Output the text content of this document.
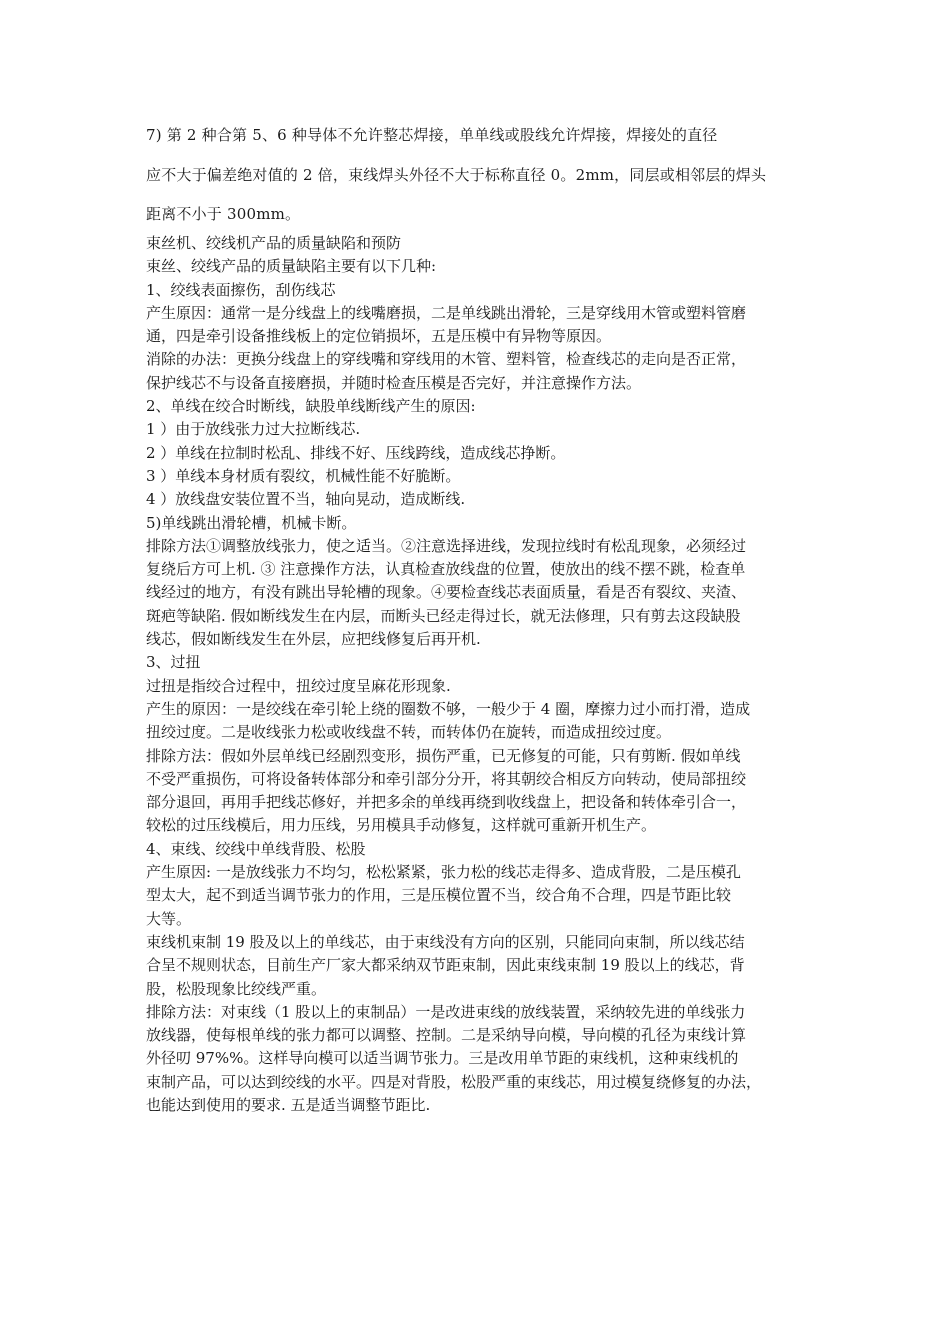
7) 第 2 种合第 5、6 种导体不允许整芯焊接，单单线或股线允许焊接，焊接处的直径
应不大于偏差绝对值的 2 倍，束线焊头外径不大于标称直径 0。2mm，同层或相邻层的焊头
距离不小于 300mm。
束丝机、绞线机产品的质量缺陷和预防
束丝、绞线产品的质量缺陷主要有以下几种:
1、绞线表面擦伤，刮伤线芯
产生原因：通常一是分线盘上的线嘴磨损，二是单线跳出滑轮，三是穿线用木管或塑料管磨
通，四是牵引设备推线板上的定位销损坏，五是压模中有异物等原因。
消除的办法：更换分线盘上的穿线嘴和穿线用的木管、塑料管，检查线芯的走向是否正常，
保护线芯不与设备直接磨损，并随时检查压模是否完好，并注意操作方法。
2、单线在绞合时断线，缺股单线断线产生的原因:
1 ）由于放线张力过大拉断线芯.
2 ）单线在拉制时松乱、排线不好、压线跨线，造成线芯挣断。
3 ）单线本身材质有裂纹，机械性能不好脆断。
4 ）放线盘安装位置不当，轴向晃动，造成断线.
5)单线跳出滑轮槽，机械卡断。
排除方法①调整放线张力，使之适当。②注意选择进线，发现拉线时有松乱现象，必须经过
复绕后方可上机. ③ 注意操作方法，认真检查放线盘的位置，使放出的线不摆不跳，检查单
线经过的地方，有没有跳出导轮槽的现象。④要检查线芯表面质量，看是否有裂纹、夹渣、
斑疤等缺陷. 假如断线发生在内层，而断头已经走得过长，就无法修理，只有剪去这段缺股
线芯，假如断线发生在外层，应把线修复后再开机.
3、过扭
过扭是指绞合过程中，扭绞过度呈麻花形现象.
产生的原因：一是绞线在牵引轮上绕的圈数不够，一般少于 4 圈，摩擦力过小而打滑，造成
扭绞过度。二是收线张力松或收线盘不转，而转体仍在旋转，而造成扭绞过度。
排除方法：假如外层单线已经剧烈变形，损伤严重，已无修复的可能，只有剪断. 假如单线
不受严重损伤，可将设备转体部分和牵引部分分开，将其朝绞合相反方向转动，使局部扭绞
部分退回，再用手把线芯修好，并把多余的单线再绕到收线盘上，把设备和转体牵引合一，
较松的过压线模后，用力压线，另用模具手动修复，这样就可重新开机生产。
4、束线、绞线中单线背股、松股
产生原因: 一是放线张力不均匀，松松紧紧，张力松的线芯走得多、造成背股，二是压模孔
型太大，起不到适当调节张力的作用，三是压模位置不当，绞合角不合理，四是节距比较
大等。
束线机束制 19 股及以上的单线芯，由于束线没有方向的区别，只能同向束制，所以线芯结
合呈不规则状态，目前生产厂家大都采纳双节距束制，因此束线束制 19 股以上的线芯，背
股，松股现象比绞线严重。
排除方法：对束线（1 股以上的束制品）一是改进束线的放线装置，采纳较先进的单线张力
放线器，使每根单线的张力都可以调整、控制。二是采纳导向模，导向模的孔径为束线计算
外径叨 97%%。这样导向模可以适当调节张力。三是改用单节距的束线机，这种束线机的
束制产品，可以达到绞线的水平。四是对背股，松股严重的束线芯，用过模复绕修复的办法，
也能达到使用的要求. 五是适当调整节距比.
